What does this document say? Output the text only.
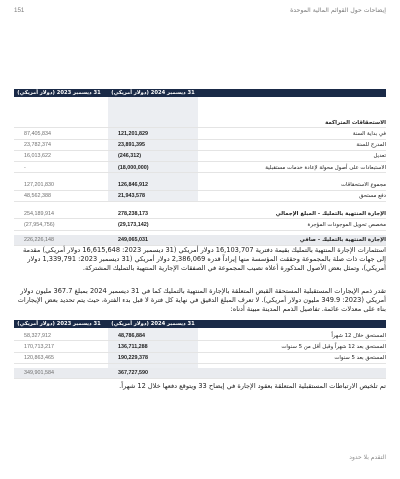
إيضاحات حول القوائم المالية الموحدة
151
31 ديسمبر 2024 (دولار أمريكي)
31 ديسمبر 2023 (دولار أمريكي)
الاستحقاقات المتراكمة
في بداية السنة
121,201,829
87,405,834
المدرج للسنة
23,891,395
23,782,374
تعديل
(246,312)
16,013,622
الاستبعادات على أصول محولة لإعادة خدمات مستقبلية
(18,000,000)
-
مجموع الاستحقاقات
126,846,912
127,201,830
دفع مستحق
21,943,578
48,562,388
الإجارة المنتهية بالتمليك - المبلغ الإجمالي
278,238,173
254,189,914
مخصص تحويل الموجودات المؤجرة
(29,173,142)
(27,954,756)
الإجارة المنتهية بالتمليك - صافي
249,065,031
226,226,148
استثمارات الإجارة المنتهية بالتمليك بقيمة دفترية 16,103,707 دولار أمريكي (31 ديسمبر 2023: 16,615,648 دولار أمريكي) مقدمة إلى جهات ذات صلة بالمجموعة وحققت المؤسسة منها إيراداً قدره 2,386,069 دولار أمريكي (31 ديسمبر 2023: 1,339,791 دولار أمريكي)، وتمثل بعض الأصول المذكورة أعلاه نصيب المجموعة في الصفقات الإجارية المنتهية بالتمليك المشتركة.
تقدر ذمم الإيجارات المستقبلية المستحقة القبض المتعلقة بالإجارة المنتهية بالتمليك كما في 31 ديسمبر 2024 بمبلغ 367.7 مليون دولار أمريكي (2023: 349.9 مليون دولار أمريكي). لا تعرف المبلغ الدقيق في نهاية كل فترة لا قبل بدء الفترة، حيث يتم تحديد بعض الإيجارات بناء على معدلات عائمة. تفاصيل الذمم المدينة مبينة أدناه:
31 ديسمبر 2024 (دولار أمريكي)
31 ديسمبر 2023 (دولار أمريكي)
المستحق خلال 12 شهراً
48,786,884
58,327,912
المستحق بعد 12 شهراً وقبل أقل من 5 سنوات
136,711,288
170,713,217
المستحق بعد 5 سنوات
190,229,378
120,863,465
367,727,590
349,901,584
تم تلخيص الارتباطات المستقبلية المتعلقة بعقود الإجارة في إيضاح 33 ويتوقع دفعها خلال 12 شهراً.
التقدم بلا حدود
